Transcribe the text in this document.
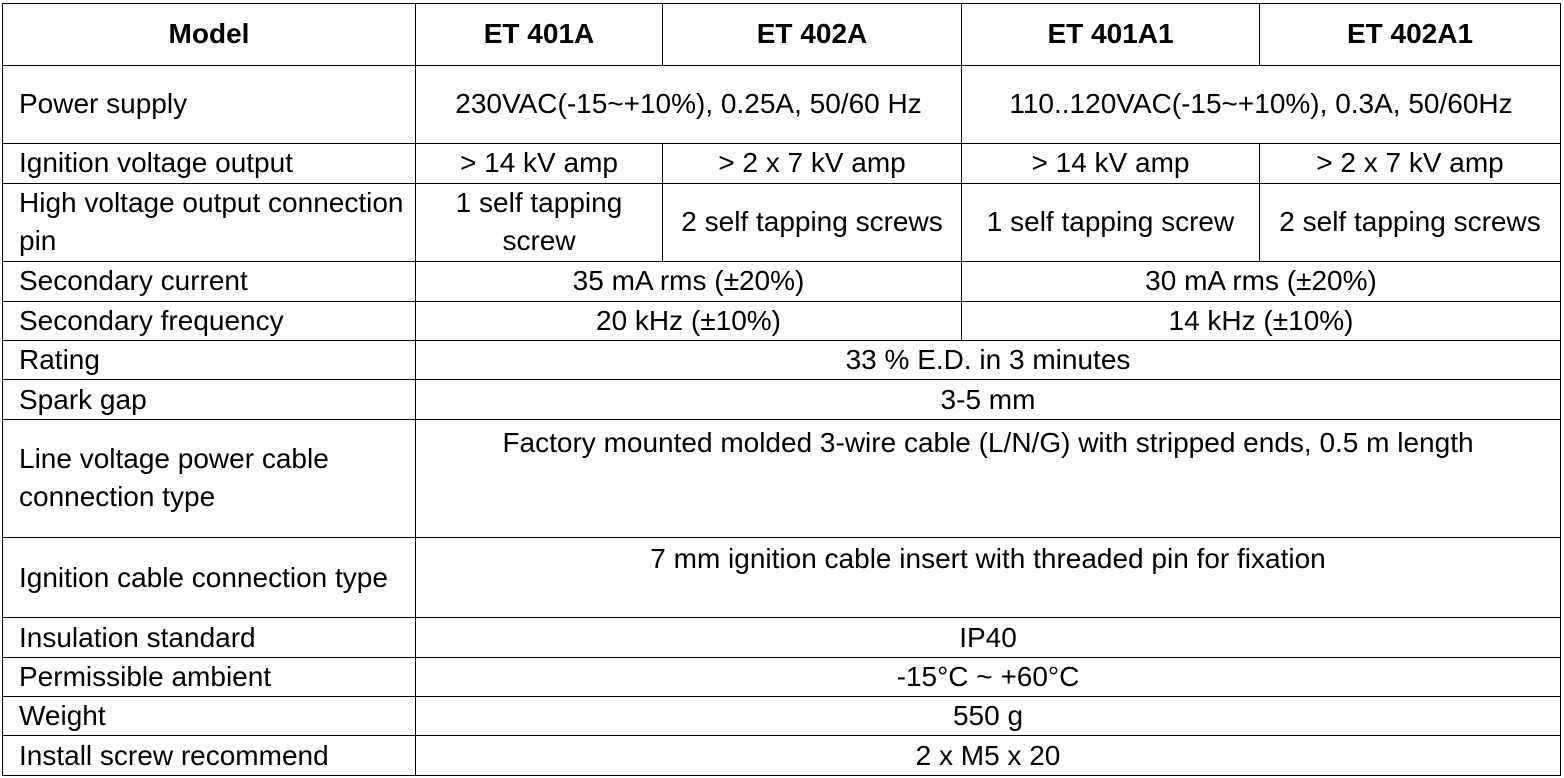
Model	ET 401A	ET 402A	ET 401A1	ET 402A1
Power supply	230VAC(-15~+10%), 0.25A, 50/60 Hz		110..120VAC(-15~+10%), 0.3A, 50/60Hz	
Ignition voltage output	> 14 kV amp	> 2 x 7 kV amp	> 14 kV amp	> 2 x 7 kV amp
High voltage output connection pin	1 self tapping screw	2 self tapping screws	1 self tapping screw	2 self tapping screws
Secondary current	35 mA rms (±20%)		30 mA rms (±20%)	
Secondary frequency	20 kHz (±10%)		14 kHz (±10%)	
Rating	33 % E.D. in 3 minutes			
Spark gap	3-5 mm			
Line voltage power cable connection type	Factory mounted molded 3-wire cable (L/N/G) with stripped ends, 0.5 m length			
Ignition cable connection type	7 mm ignition cable insert with threaded pin for fixation			
Insulation standard	IP40			
Permissible ambient	-15°C ~ +60°C			
Weight	550 g			
Install screw recommend	2 x M5 x 20			
